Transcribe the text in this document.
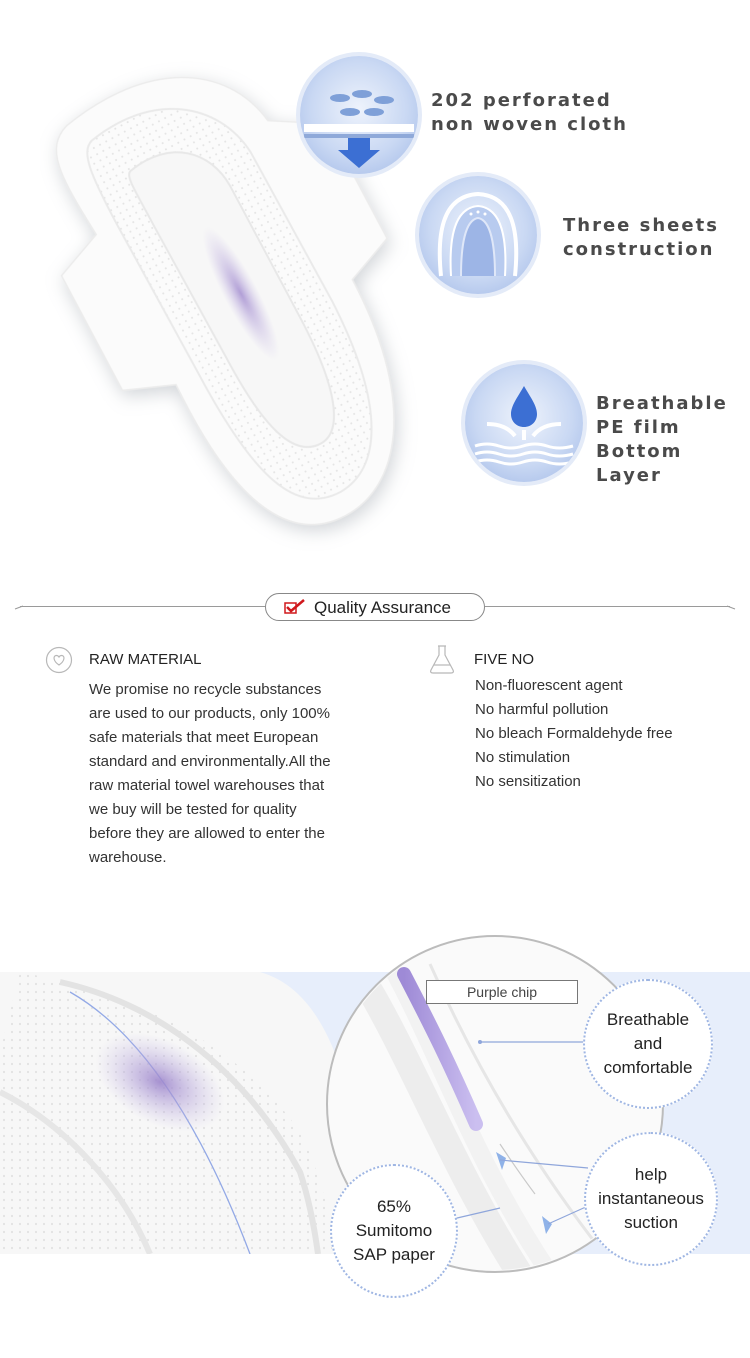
202 perforated
non woven cloth
Three sheets
construction
Breathable
PE film
Bottom Layer
Quality Assurance
RAW MATERIAL
We promise no recycle substances
are used to our products, only 100%
safe materials that meet European
standard and environmentally.All the
raw material towel warehouses that
we buy will be tested for quality
before they are allowed to enter the
warehouse.
FIVE NO
Non-fluorescent agent
No harmful pollution
No bleach Formaldehyde free
No stimulation
No sensitization
Purple chip
Breathable
and
comfortable
help
instantaneous
suction
65%
Sumitomo
SAP paper
